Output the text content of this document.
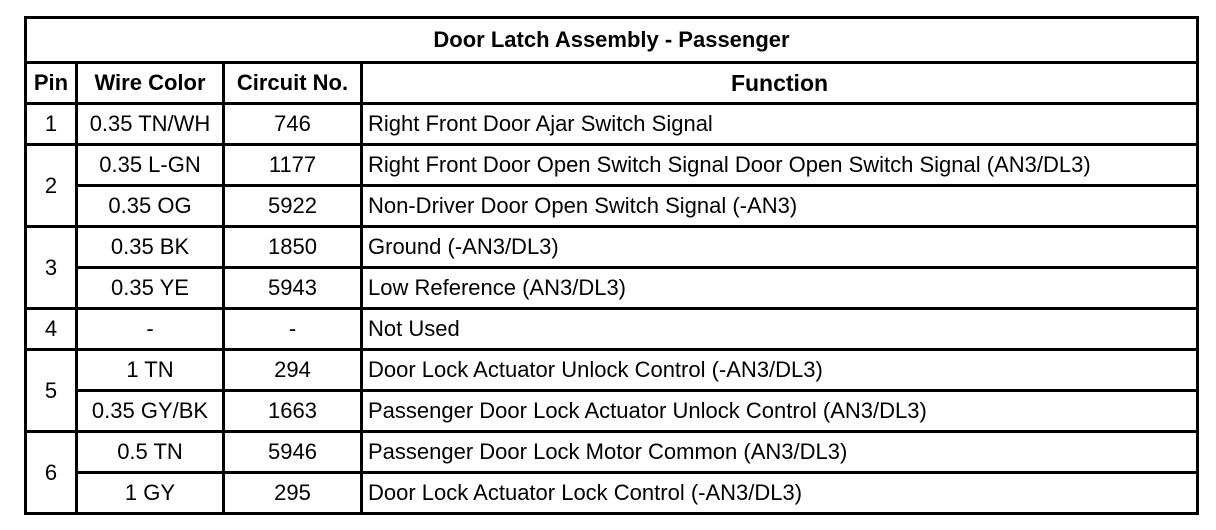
Door Latch Assembly - Passenger			
Pin	Wire Color	Circuit No.	Function
1	0.35 TN/WH	746	Right Front Door Ajar Switch Signal
2	0.35 L-GN	1177	Right Front Door Open Switch Signal Door Open Switch Signal (AN3/DL3)
	0.35 OG	5922	Non-Driver Door Open Switch Signal (-AN3)
3	0.35 BK	1850	Ground (-AN3/DL3)
	0.35 YE	5943	Low Reference (AN3/DL3)
4	-	-	Not Used
5	1 TN	294	Door Lock Actuator Unlock Control (-AN3/DL3)
	0.35 GY/BK	1663	Passenger Door Lock Actuator Unlock Control (AN3/DL3)
6	0.5 TN	5946	Passenger Door Lock Motor Common (AN3/DL3)
	1 GY	295	Door Lock Actuator Lock Control (-AN3/DL3)
